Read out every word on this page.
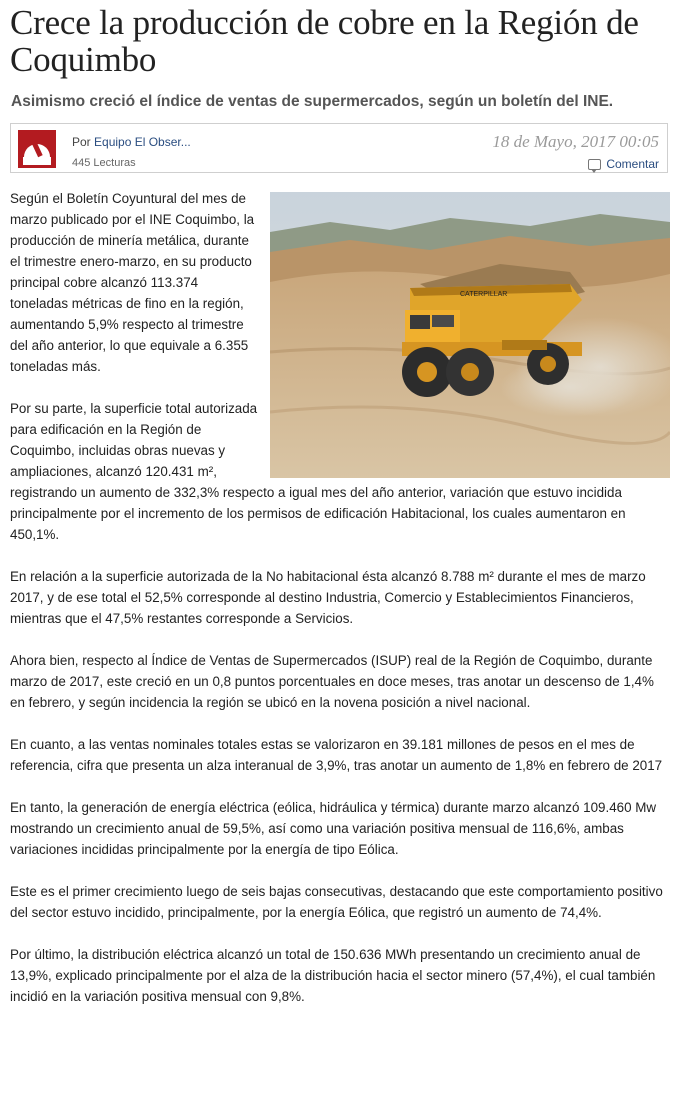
Crece la producción de cobre en la Región de Coquimbo
Asimismo creció el índice de ventas de supermercados, según un boletín del INE.
Por Equipo El Obser...
445 Lecturas
18 de Mayo, 2017 00:05
Comentar
CATERPILLAR

Según el Boletín Coyuntural del mes de marzo publicado por el INE Coquimbo, la producción de minería metálica, durante el trimestre enero-marzo, en su producto principal cobre alcanzó 113.374 toneladas métricas de fino en la región, aumentando 5,9% respecto al trimestre del año anterior, lo que equivale a 6.355 toneladas más.

Por su parte, la superficie total autorizada para edificación en la Región de Coquimbo, incluidas obras nuevas y ampliaciones, alcanzó 120.431 m², registrando un aumento de 332,3% respecto a igual mes del año anterior, variación que estuvo incidida principalmente por el incremento de los permisos de edificación Habitacional, los cuales aumentaron en 450,1%.

En relación a la superficie autorizada de la No habitacional ésta alcanzó 8.788 m² durante el mes de marzo 2017, y de ese total el 52,5% corresponde al destino Industria, Comercio y Establecimientos Financieros, mientras que el 47,5% restantes corresponde a Servicios.

Ahora bien, respecto al Índice de Ventas de Supermercados (ISUP) real de la Región de Coquimbo, durante marzo de 2017, este creció en un 0,8 puntos porcentuales en doce meses, tras anotar un descenso de 1,4% en febrero, y según incidencia la región se ubicó en la novena posición a nivel nacional.

En cuanto, a las ventas nominales totales estas se valorizaron en 39.181 millones de pesos en el mes de referencia, cifra que presenta un alza interanual de 3,9%, tras anotar un aumento de 1,8% en febrero de 2017

En tanto, la generación de energía eléctrica (eólica, hidráulica y térmica) durante marzo alcanzó 109.460 Mw mostrando un crecimiento anual de 59,5%, así como una variación positiva mensual de 116,6%, ambas variaciones incididas principalmente por la energía de tipo Eólica.

Este es el primer crecimiento luego de seis bajas consecutivas, destacando que este comportamiento positivo del sector estuvo incidido, principalmente, por la energía Eólica, que registró un aumento de 74,4%.

Por último, la distribución eléctrica alcanzó un total de 150.636 MWh presentando un crecimiento anual de 13,9%, explicado principalmente por el alza de la distribución hacia el sector minero (57,4%), el cual también incidió en la variación positiva mensual con 9,8%.
